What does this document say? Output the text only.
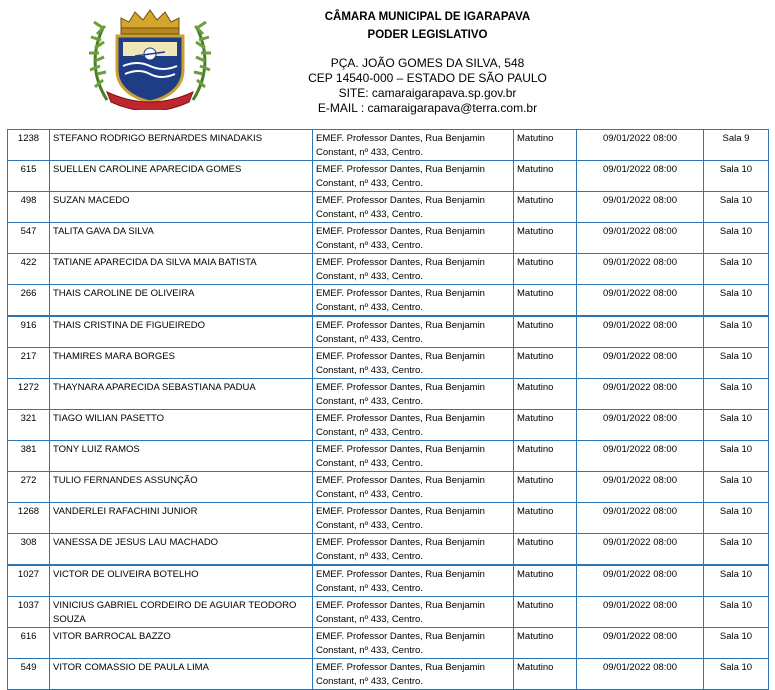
CÂMARA MUNICIPAL DE IGARAPAVA
PODER LEGISLATIVO
PÇA. JOÃO GOMES DA SILVA, 548
CEP 14540-000 – ESTADO DE SÃO PAULO
SITE: camaraigarapava.sp.gov.br
E-MAIL : camaraigarapava@terra.com.br
1238	STEFANO RODRIGO BERNARDES MINADAKIS	EMEF. Professor Dantes, Rua Benjamin Constant, nº 433, Centro.	Matutino	09/01/2022 08:00	Sala 9
615	SUELLEN CAROLINE APARECIDA GOMES	EMEF. Professor Dantes, Rua Benjamin Constant, nº 433, Centro.	Matutino	09/01/2022 08:00	Sala 10
498	SUZAN MACEDO	EMEF. Professor Dantes, Rua Benjamin Constant, nº 433, Centro.	Matutino	09/01/2022 08:00	Sala 10
547	TALITA GAVA DA SILVA	EMEF. Professor Dantes, Rua Benjamin Constant, nº 433, Centro.	Matutino	09/01/2022 08:00	Sala 10
422	TATIANE APARECIDA DA SILVA MAIA BATISTA	EMEF. Professor Dantes, Rua Benjamin Constant, nº 433, Centro.	Matutino	09/01/2022 08:00	Sala 10
266	THAIS CAROLINE DE OLIVEIRA	EMEF. Professor Dantes, Rua Benjamin Constant, nº 433, Centro.	Matutino	09/01/2022 08:00	Sala 10
916	THAIS CRISTINA DE FIGUEIREDO	EMEF. Professor Dantes, Rua Benjamin Constant, nº 433, Centro.	Matutino	09/01/2022 08:00	Sala 10
217	THAMIRES MARA BORGES	EMEF. Professor Dantes, Rua Benjamin Constant, nº 433, Centro.	Matutino	09/01/2022 08:00	Sala 10
1272	THAYNARA APARECIDA SEBASTIANA PADUA	EMEF. Professor Dantes, Rua Benjamin Constant, nº 433, Centro.	Matutino	09/01/2022 08:00	Sala 10
321	TIAGO WILIAN PASETTO	EMEF. Professor Dantes, Rua Benjamin Constant, nº 433, Centro.	Matutino	09/01/2022 08:00	Sala 10
381	TONY LUIZ RAMOS	EMEF. Professor Dantes, Rua Benjamin Constant, nº 433, Centro.	Matutino	09/01/2022 08:00	Sala 10
272	TULIO FERNANDES ASSUNÇÃO	EMEF. Professor Dantes, Rua Benjamin Constant, nº 433, Centro.	Matutino	09/01/2022 08:00	Sala 10
1268	VANDERLEI RAFACHINI JUNIOR	EMEF. Professor Dantes, Rua Benjamin Constant, nº 433, Centro.	Matutino	09/01/2022 08:00	Sala 10
308	VANESSA DE JESUS LAU MACHADO	EMEF. Professor Dantes, Rua Benjamin Constant, nº 433, Centro.	Matutino	09/01/2022 08:00	Sala 10
1027	VICTOR DE OLIVEIRA BOTELHO	EMEF. Professor Dantes, Rua Benjamin Constant, nº 433, Centro.	Matutino	09/01/2022 08:00	Sala 10
1037	VINICIUS GABRIEL CORDEIRO DE AGUIAR TEODORO SOUZA	EMEF. Professor Dantes, Rua Benjamin Constant, nº 433, Centro.	Matutino	09/01/2022 08:00	Sala 10
616	VITOR BARROCAL BAZZO	EMEF. Professor Dantes, Rua Benjamin Constant, nº 433, Centro.	Matutino	09/01/2022 08:00	Sala 10
549	VITOR COMASSIO DE PAULA LIMA	EMEF. Professor Dantes, Rua Benjamin Constant, nº 433, Centro.	Matutino	09/01/2022 08:00	Sala 10
